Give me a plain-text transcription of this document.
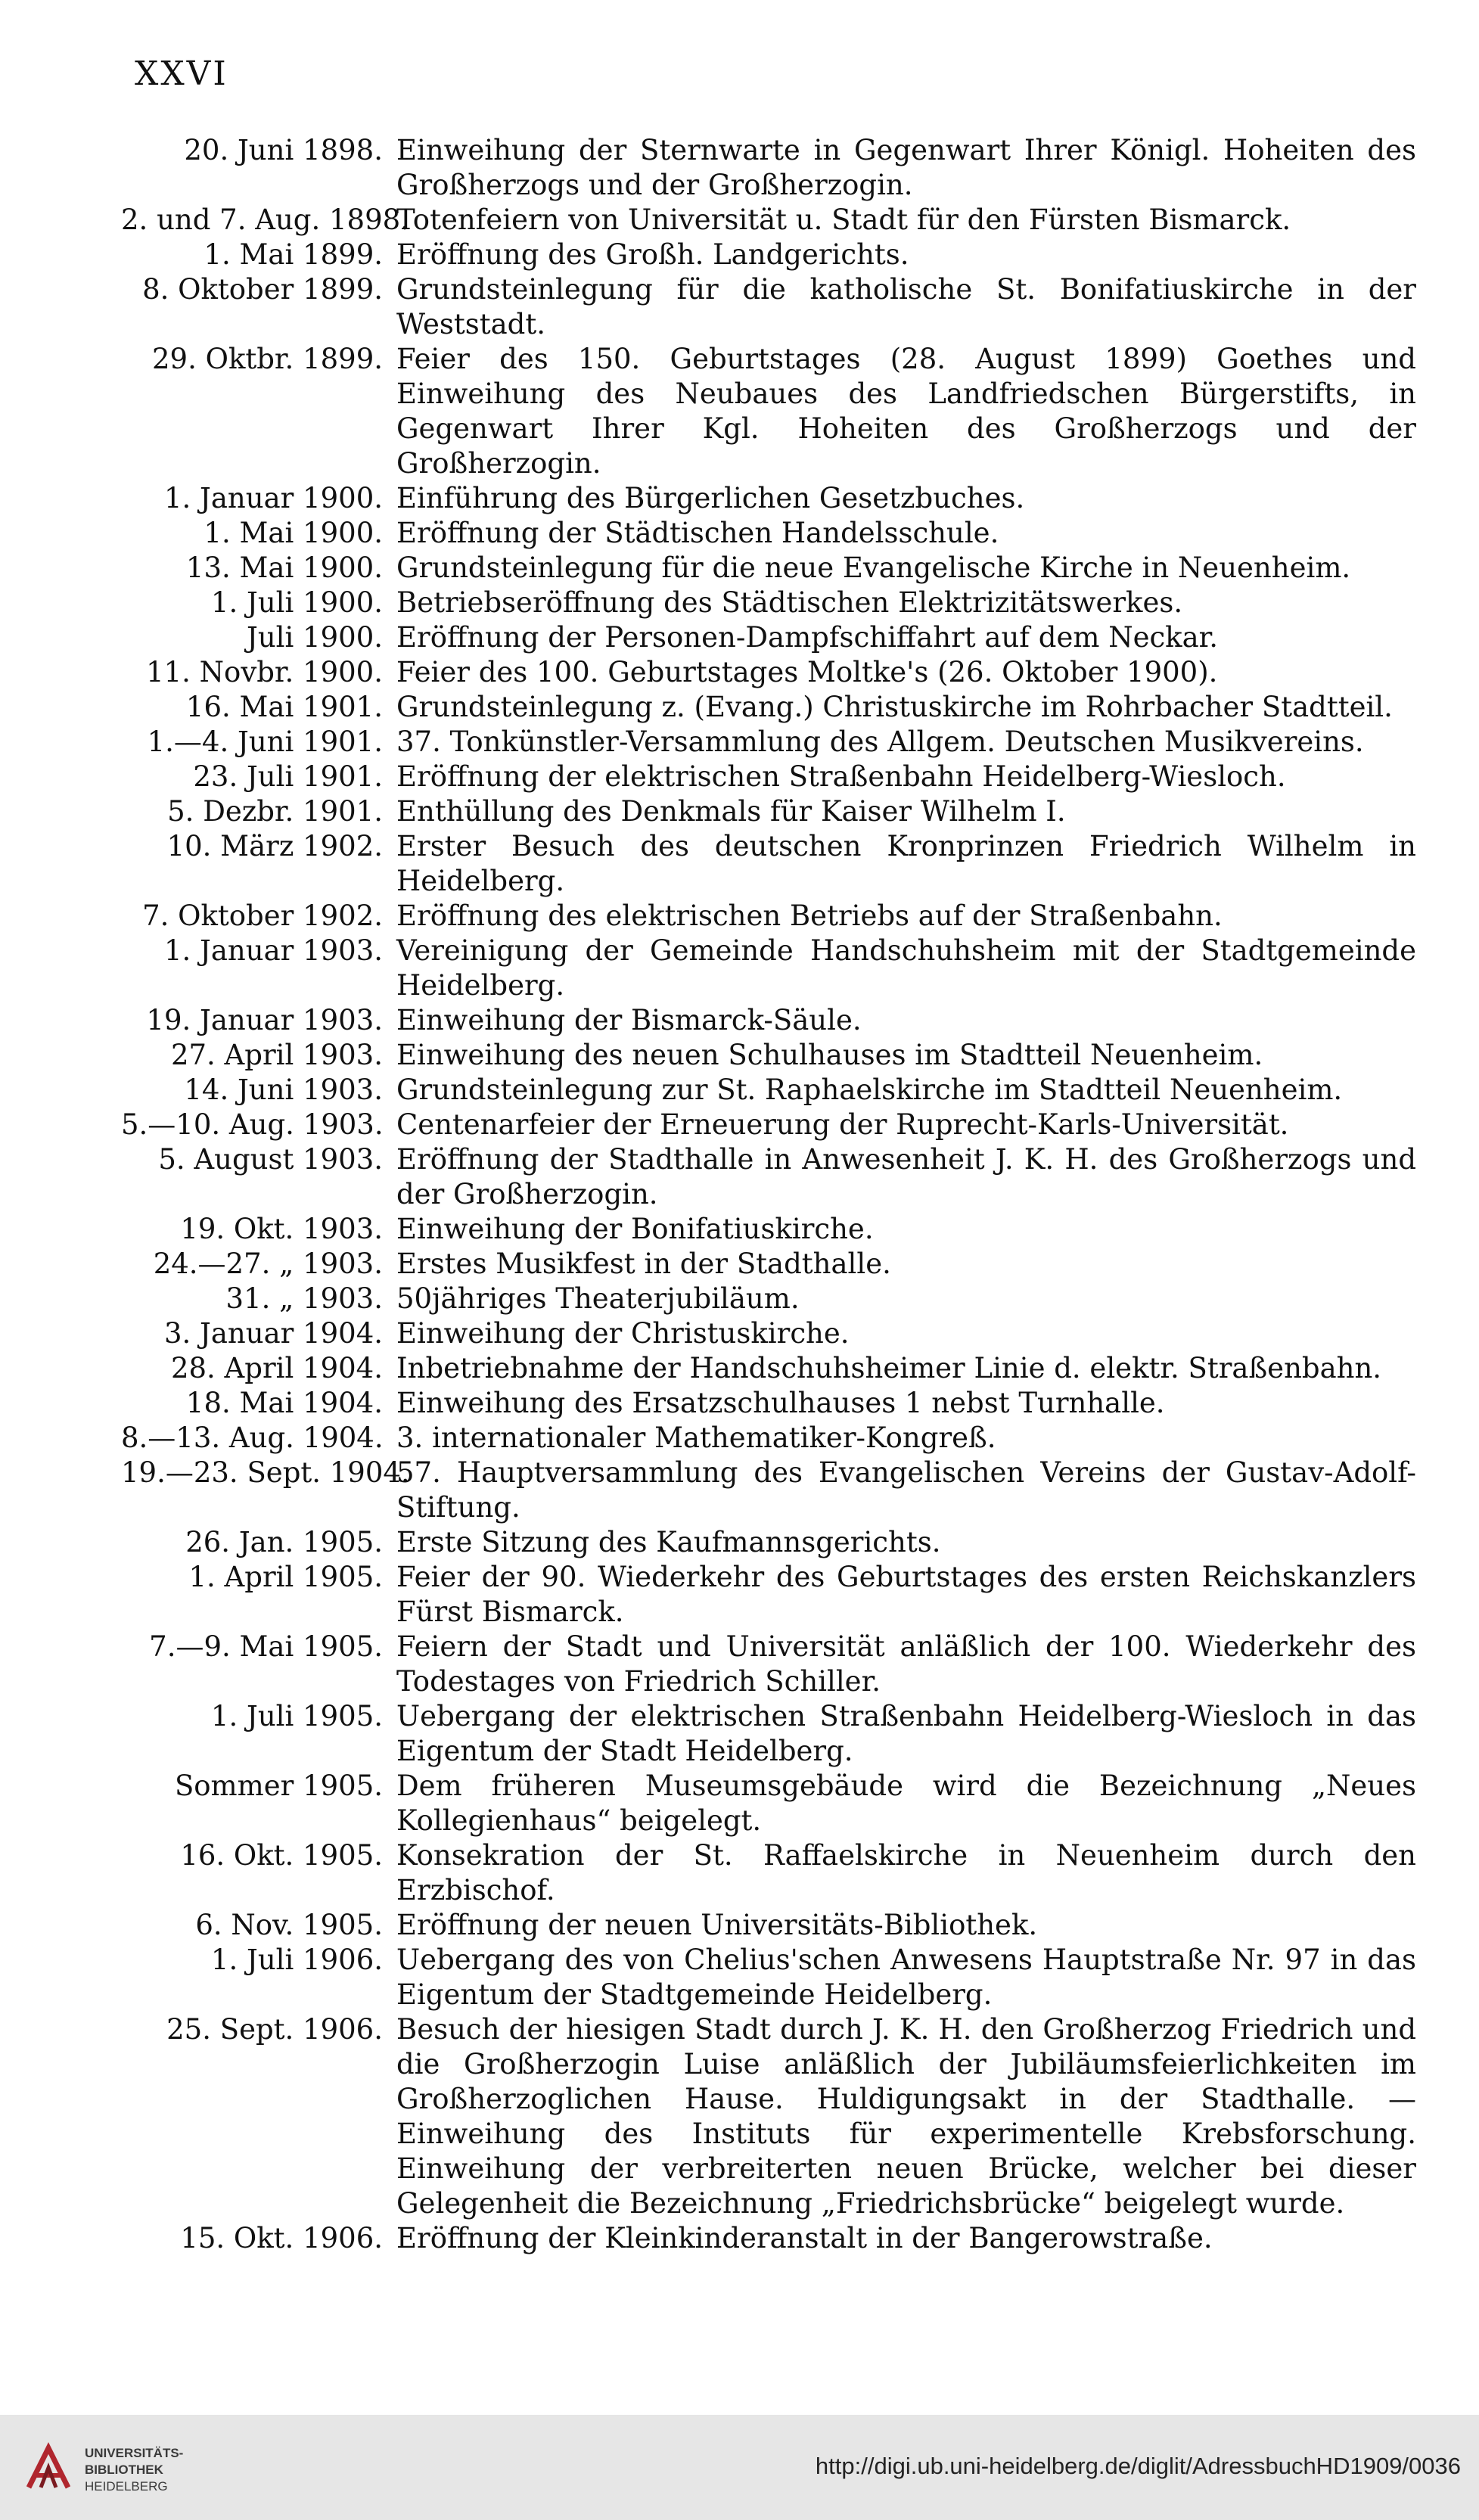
XXVI
20. Juni 1898. Einweihung der Sternwarte in Gegenwart Ihrer Königl. Hoheiten des Großherzogs und der Großherzogin.
2. und 7. Aug. 1898.
Totenfeiern von Universität u. Stadt für den Fürsten Bismarck.
1. Mai 1899. Eröffnung des Großh. Landgerichts.
8. Oktober 1899. Grundsteinlegung für die katholische St. Bonifatiuskirche in der Weststadt.
29. Oktbr. 1899. Feier des 150. Geburtstages (28. August 1899) Goethes und Einweihung des Neubaues des Landfriedschen Bürgerstifts, in Gegenwart Ihrer Kgl. Hoheiten des Großherzogs und der Großherzogin.
1. Januar 1900. Einführung des Bürgerlichen Gesetzbuches.
1. Mai 1900. Eröffnung der Städtischen Handelsschule.
13. Mai 1900. Grundsteinlegung für die neue Evangelische Kirche in Neuenheim.
1. Juli 1900. Betriebseröffnung des Städtischen Elektrizitätswerkes.
Juli 1900. Eröffnung der Personen-Dampfschiffahrt auf dem Neckar.
11. Novbr. 1900. Feier des 100. Geburtstages Moltke's (26. Oktober 1900).
16. Mai 1901. Grundsteinlegung z. (Evang.) Christuskirche im Rohrbacher Stadtteil.
1.—4. Juni 1901. 37. Tonkünstler-Versammlung des Allgem. Deutschen Musikvereins.
23. Juli 1901. Eröffnung der elektrischen Straßenbahn Heidelberg-Wiesloch.
5. Dezbr. 1901. Enthüllung des Denkmals für Kaiser Wilhelm I.
10. März 1902. Erster Besuch des deutschen Kronprinzen Friedrich Wilhelm in Heidelberg.
7. Oktober 1902. Eröffnung des elektrischen Betriebs auf der Straßenbahn.
1. Januar 1903. Vereinigung der Gemeinde Handschuhsheim mit der Stadtgemeinde Heidelberg.
19. Januar 1903. Einweihung der Bismarck-Säule.
27. April 1903. Einweihung des neuen Schulhauses im Stadtteil Neuenheim.
14. Juni 1903. Grundsteinlegung zur St. Raphaelskirche im Stadtteil Neuenheim.
5.—10. Aug. 1903. Centenarfeier der Erneuerung der Ruprecht-Karls-Universität.
5. August 1903. Eröffnung der Stadthalle in Anwesenheit J. K. H. des Großherzogs und der Großherzogin.
19. Okt. 1903. Einweihung der Bonifatiuskirche.
24.—27. „ 1903. Erstes Musikfest in der Stadthalle.
31. „ 1903. 50jähriges Theaterjubiläum.
3. Januar 1904. Einweihung der Christuskirche.
28. April 1904. Inbetriebnahme der Handschuhsheimer Linie d. elektr. Straßenbahn.
18. Mai 1904. Einweihung des Ersatzschulhauses 1 nebst Turnhalle.
8.—13. Aug. 1904. 3. internationaler Mathematiker-Kongreß.
19.—23. Sept. 1904.
57. Hauptversammlung des Evangelischen Vereins der Gustav-Adolf-Stiftung.
26. Jan. 1905. Erste Sitzung des Kaufmannsgerichts.
1. April 1905. Feier der 90. Wiederkehr des Geburtstages des ersten Reichskanzlers Fürst Bismarck.
7.—9. Mai 1905. Feiern der Stadt und Universität anläßlich der 100. Wiederkehr des Todestages von Friedrich Schiller.
1. Juli 1905. Uebergang der elektrischen Straßenbahn Heidelberg-Wiesloch in das Eigentum der Stadt Heidelberg.
Sommer 1905. Dem früheren Museumsgebäude wird die Bezeichnung „Neues Kollegienhaus“ beigelegt.
16. Okt. 1905. Konsekration der St. Raffaelskirche in Neuenheim durch den Erzbischof.
6. Nov. 1905. Eröffnung der neuen Universitäts-Bibliothek.
1. Juli 1906. Uebergang des von Chelius'schen Anwesens Hauptstraße Nr. 97 in das Eigentum der Stadtgemeinde Heidelberg.
25. Sept. 1906. Besuch der hiesigen Stadt durch J. K. H. den Großherzog Friedrich und die Großherzogin Luise anläßlich der Jubiläumsfeierlichkeiten im Großherzoglichen Hause. Huldigungsakt in der Stadthalle. — Einweihung des Instituts für experimentelle Krebsforschung. Einweihung der verbreiterten neuen Brücke, welcher bei dieser Gelegenheit die Bezeichnung „Friedrichsbrücke“ beigelegt wurde.
15. Okt. 1906. Eröffnung der Kleinkinderanstalt in der Bangerowstraße.
UNIVERSITÄTS-
BIBLIOTHEK
HEIDELBERG
http://digi.ub.uni-heidelberg.de/diglit/AdressbuchHD1909/0036
